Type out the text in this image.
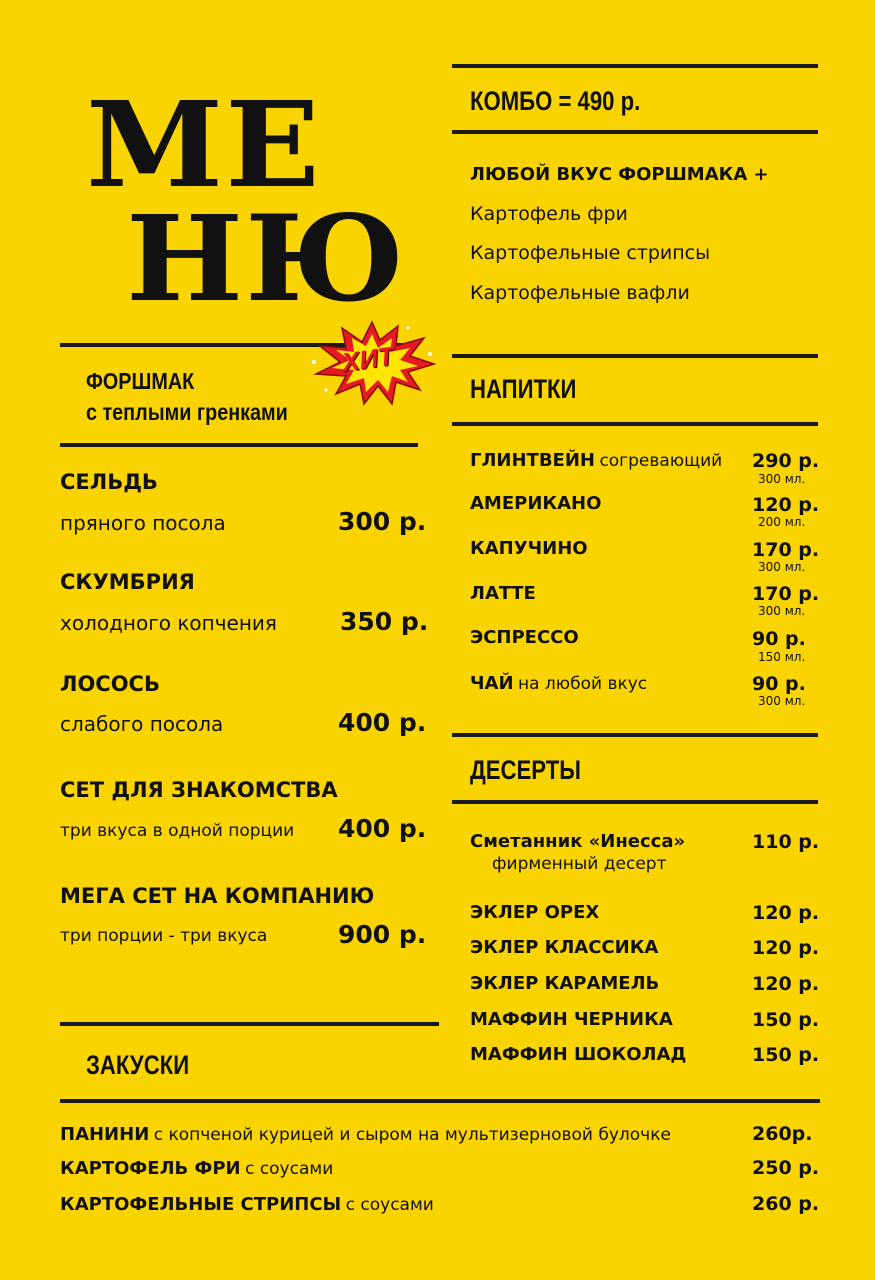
МЕ
НЮ
ФОРШМАК
с теплыми гренками
ХИТ
СЕЛЬДЬ
пряного посола	300 р.
СКУМБРИЯ
холодного копчения	350 р.
ЛОСОСЬ
слабого посола	400 р.
СЕТ ДЛЯ ЗНАКОМСТВА
три вкуса в одной порции 400 р.
МЕГА СЕТ НА КОМПАНИЮ
три порции - три вкуса	900 р.
ЗАКУСКИ
ПАНИНИ с копченой курицей и сыром на мультизерновой булочке	260р.
КАРТОФЕЛЬ ФРИ с соусами	250 р.
КАРТОФЕЛЬНЫЕ СТРИПСЫ с соусами	260 р.
КОМБО = 490 р.
ЛЮБОЙ ВКУС ФОРШМАКА +
Картофель фри
Картофельные стрипсы
Картофельные вафли
НАПИТКИ
ГЛИНТВЕЙН согревающий 290 р.
300 мл.
АМЕРИКАНО	120 р.
200 мл.
КАПУЧИНО	170 р.
300 мл.
ЛАТТЕ	170 р.
300 мл.
ЭСПРЕССО	90 р.
150 мл.
ЧАЙ на любой вкус	90 р.
300 мл.
ДЕСЕРТЫ
Сметанник «Инесса»
фирменный десерт
110 р.
ЭКЛЕР ОРЕХ	120 р.
ЭКЛЕР КЛАССИКА	120 р.
ЭКЛЕР КАРАМЕЛЬ	120 р.
МАФФИН ЧЕРНИКА	150 р.
МАФФИН ШОКОЛАД	150 р.
